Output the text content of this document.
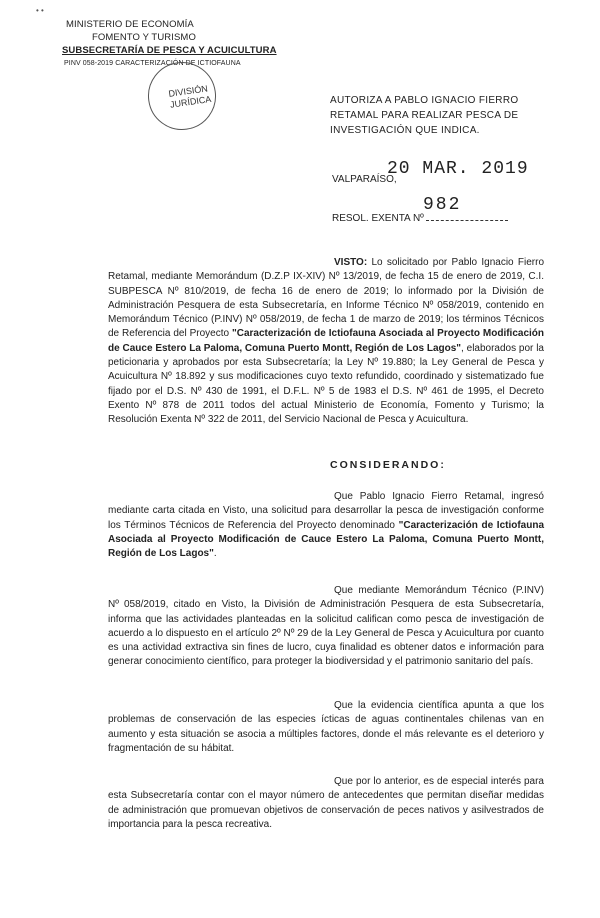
MINISTERIO DE ECONOMÍA
FOMENTO Y TURISMO
SUBSECRETARÍA DE PESCA Y ACUICULTURA
PINV 058-2019 CARACTERIZACIÓN DE ICTIOFAUNA
• •
DIVISIÓN
JURÍDICA	AUTORIZA A PABLO IGNACIO FIERRO RETAMAL PARA REALIZAR PESCA DE INVESTIGACIÓN QUE INDICA.
VALPARAÍSO,
20 MAR. 2019
RESOL. EXENTA Nº
982
VISTO: Lo solicitado por Pablo Ignacio Fierro Retamal, mediante Memorándum (D.Z.P IX-XIV) Nº 13/2019, de fecha 15 de enero de 2019, C.I. SUBPESCA Nº 810/2019, de fecha 16 de enero de 2019; lo informado por la División de Administración Pesquera de esta Subsecretaría, en Informe Técnico Nº 058/2019, contenido en Memorándum Técnico (P.INV) Nº 058/2019, de fecha 1 de marzo de 2019; los términos Técnicos de Referencia del Proyecto "Caracterización de Ictiofauna Asociada al Proyecto Modificación de Cauce Estero La Paloma, Comuna Puerto Montt, Región de Los Lagos", elaborados por la peticionaria y aprobados por esta Subsecretaría; la Ley Nº 19.880; la Ley General de Pesca y Acuicultura Nº 18.892 y sus modificaciones cuyo texto refundido, coordinado y sistematizado fue fijado por el D.S. Nº 430 de 1991, el D.F.L. Nº 5 de 1983 el D.S. Nº 461 de 1995, el Decreto Exento Nº 878 de 2011 todos del actual Ministerio de Economía, Fomento y Turismo; la Resolución Exenta Nº 322 de 2011, del Servicio Nacional de Pesca y Acuicultura.
CONSIDERANDO:
Que Pablo Ignacio Fierro Retamal, ingresó mediante carta citada en Visto, una solicitud para desarrollar la pesca de investigación conforme los Términos Técnicos de Referencia del Proyecto denominado "Caracterización de Ictiofauna Asociada al Proyecto Modificación de Cauce Estero La Paloma, Comuna Puerto Montt, Región de Los Lagos".
Que mediante Memorándum Técnico (P.INV) Nº 058/2019, citado en Visto, la División de Administración Pesquera de esta Subsecretaría, informa que las actividades planteadas en la solicitud califican como pesca de investigación de acuerdo a lo dispuesto en el artículo 2º Nº 29 de la Ley General de Pesca y Acuicultura por cuanto es una actividad extractiva sin fines de lucro, cuya finalidad es obtener datos e información para generar conocimiento científico, para proteger la biodiversidad y el patrimonio sanitario del país.
Que la evidencia científica apunta a que los problemas de conservación de las especies ícticas de aguas continentales chilenas van en aumento y esta situación se asocia a múltiples factores, donde el más relevante es el deterioro y fragmentación de su hábitat.
Que por lo anterior, es de especial interés para esta Subsecretaría contar con el mayor número de antecedentes que permitan diseñar medidas de administración que promuevan objetivos de conservación de peces nativos y asilvestrados de importancia para la pesca recreativa.
